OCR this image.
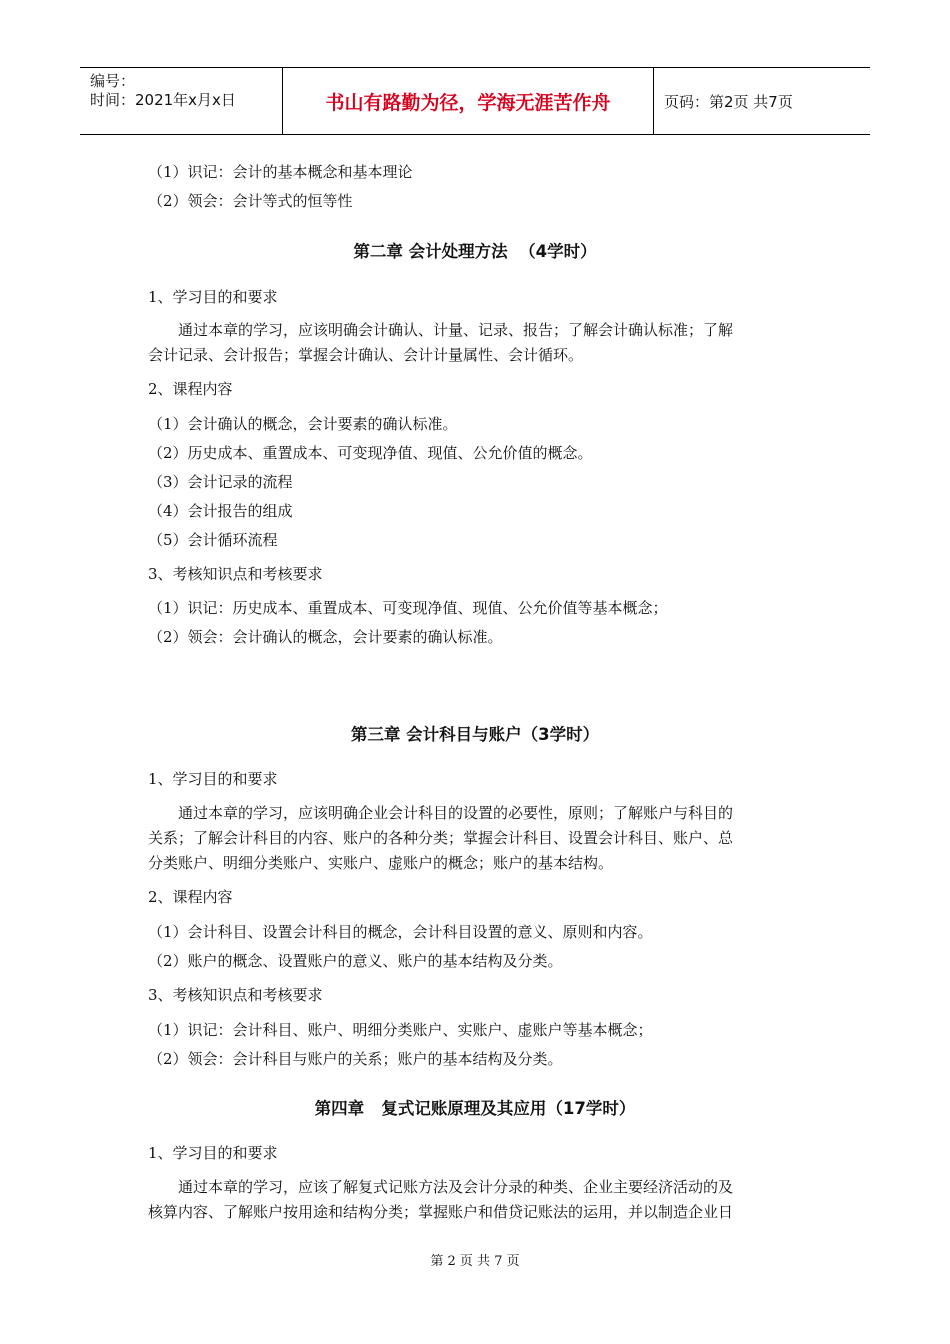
编号：
时间：2021年x月x日	书山有路勤为径，学海无涯苦作舟	页码：第2页 共7页
（1）识记：会计的基本概念和基本理论
（2）领会：会计等式的恒等性
第二章 会计处理方法  （4学时）
1、学习目的和要求
通过本章的学习，应该明确会计确认、计量、记录、报告；了解会计确认标准；了解
会计记录、会计报告；掌握会计确认、会计计量属性、会计循环。
2、课程内容
（1）会计确认的概念，会计要素的确认标准。
（2）历史成本、重置成本、可变现净值、现值、公允价值的概念。
（3）会计记录的流程
（4）会计报告的组成
（5）会计循环流程
3、考核知识点和考核要求
（1）识记：历史成本、重置成本、可变现净值、现值、公允价值等基本概念；
（2）领会：会计确认的概念，会计要素的确认标准。
第三章 会计科目与账户（3学时）
1、学习目的和要求
通过本章的学习，应该明确企业会计科目的设置的必要性，原则；了解账户与科目的
关系；了解会计科目的内容、账户的各种分类；掌握会计科目、设置会计科目、账户、总
分类账户、明细分类账户、实账户、虚账户的概念；账户的基本结构。
2、课程内容
（1）会计科目、设置会计科目的概念，会计科目设置的意义、原则和内容。
（2）账户的概念、设置账户的意义、账户的基本结构及分类。
3、考核知识点和考核要求
（1）识记：会计科目、账户、明细分类账户、实账户、虚账户等基本概念；
（2）领会：会计科目与账户的关系；账户的基本结构及分类。
第四章   复式记账原理及其应用（17学时）
1、学习目的和要求
通过本章的学习，应该了解复式记账方法及会计分录的种类、企业主要经济活动的及
核算内容、了解账户按用途和结构分类；掌握账户和借贷记账法的运用，并以制造企业日
第 2 页 共 7 页
